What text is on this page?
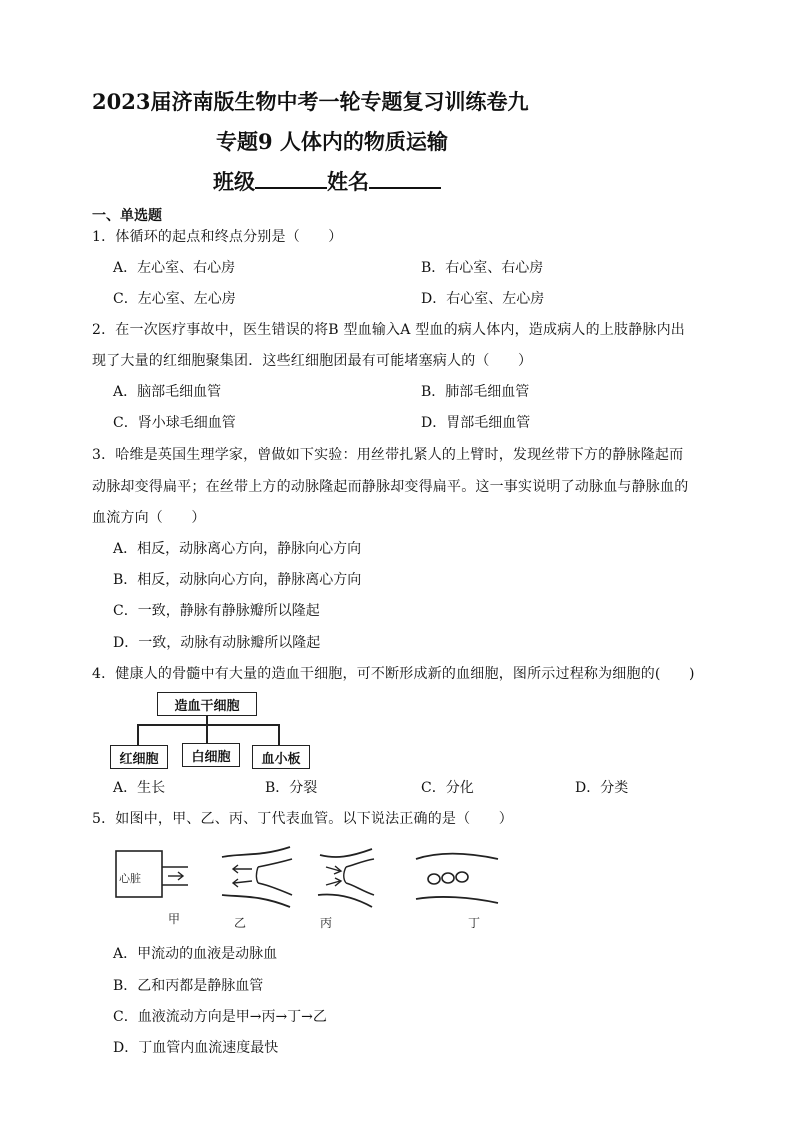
2023届济南版生物中考一轮专题复习训练卷九
专题9 人体内的物质运输
班级	姓名
一、单选题
1．体循环的起点和终点分别是（　　）
A．左心室、右心房	B．右心室、右心房
C．左心室、左心房	D．右心室、左心房
2．在一次医疗事故中，医生错误的将B 型血输入A 型血的病人体内，造成病人的上肢静脉内出
现了大量的红细胞聚集团．这些红细胞团最有可能堵塞病人的（　　）
A．脑部毛细血管	B．肺部毛细血管
C．肾小球毛细血管	D．胃部毛细血管
3．哈维是英国生理学家，曾做如下实验：用丝带扎紧人的上臂时，发现丝带下方的静脉隆起而
动脉却变得扁平；在丝带上方的动脉隆起而静脉却变得扁平。这一事实说明了动脉血与静脉血的
血流方向（　　）
A．相反，动脉离心方向，静脉向心方向
B．相反，动脉向心方向，静脉离心方向
C．一致，静脉有静脉瓣所以隆起
D．一致，动脉有动脉瓣所以隆起
4．健康人的骨髓中有大量的造血干细胞，可不断形成新的血细胞，图所示过程称为细胞的(　　)
造血干细胞
红细胞	白细胞	血小板
A．生长	B．分裂	C．分化	D．分类
5．如图中，甲、乙、丙、丁代表血管。以下说法正确的是（　　）
心脏
甲	乙	丙	丁
A．甲流动的血液是动脉血
B．乙和丙都是静脉血管
C．血液流动方向是甲→丙→丁→乙
D．丁血管内血流速度最快
